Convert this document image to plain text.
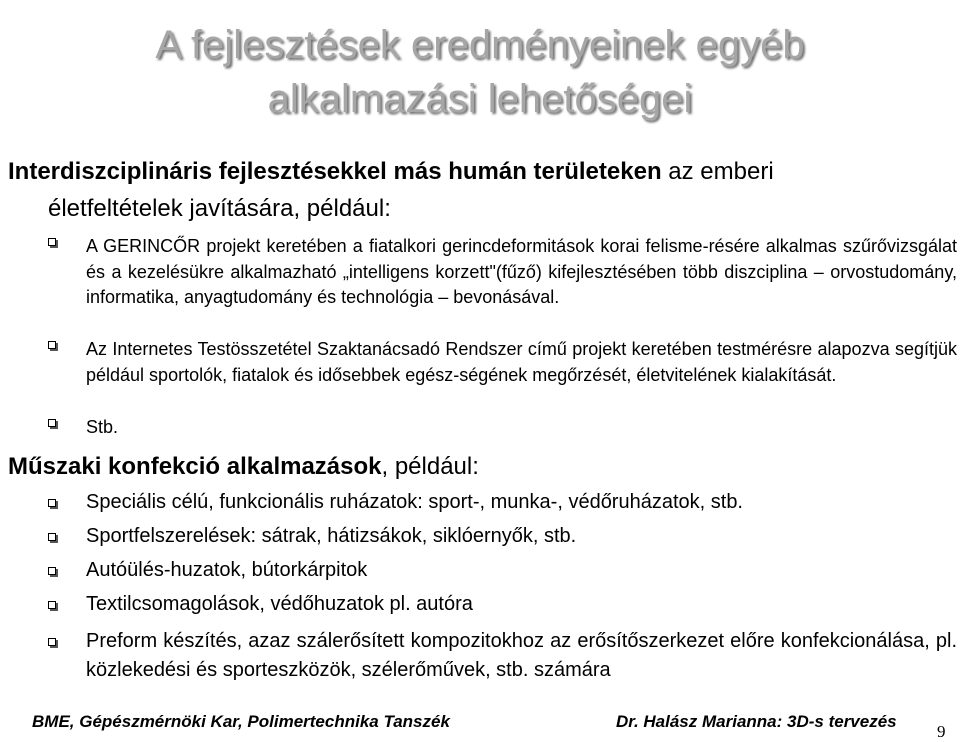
A fejlesztések eredményeinek egyéb
alkalmazási lehetőségei
Interdiszciplináris fejlesztésekkel más humán területeken az emberi
életfeltételek javítására, például:
A GERINCŐR projekt keretében a fiatalkori gerincdeformitások korai felisme-résére alkalmas szűrővizsgálat és a kezelésükre alkalmazható „intelligens korzett"(fűző) kifejlesztésében több diszciplina – orvostudomány, informatika, anyagtudomány és technológia – bevonásával.
Az Internetes Testösszetétel Szaktanácsadó Rendszer című projekt keretében testmérésre alapozva segítjük például sportolók, fiatalok és idősebbek egész-ségének megőrzését, életvitelének kialakítását.
Stb.
Műszaki konfekció alkalmazások, például:
Speciális célú, funkcionális ruházatok: sport-, munka-, védőruházatok, stb.
Sportfelszerelések: sátrak, hátizsákok, siklóernyők, stb.
Autóülés-huzatok, bútorkárpitok
Textilcsomagolások, védőhuzatok pl. autóra
Preform készítés, azaz szálerősített kompozitokhoz az erősítőszerkezet előre konfekcionálása, pl. közlekedési és sporteszközök, szélerőművek, stb. számára
BME, Gépészmérnöki Kar, Polimertechnika Tanszék	Dr. Halász Marianna: 3D-s tervezés
9
